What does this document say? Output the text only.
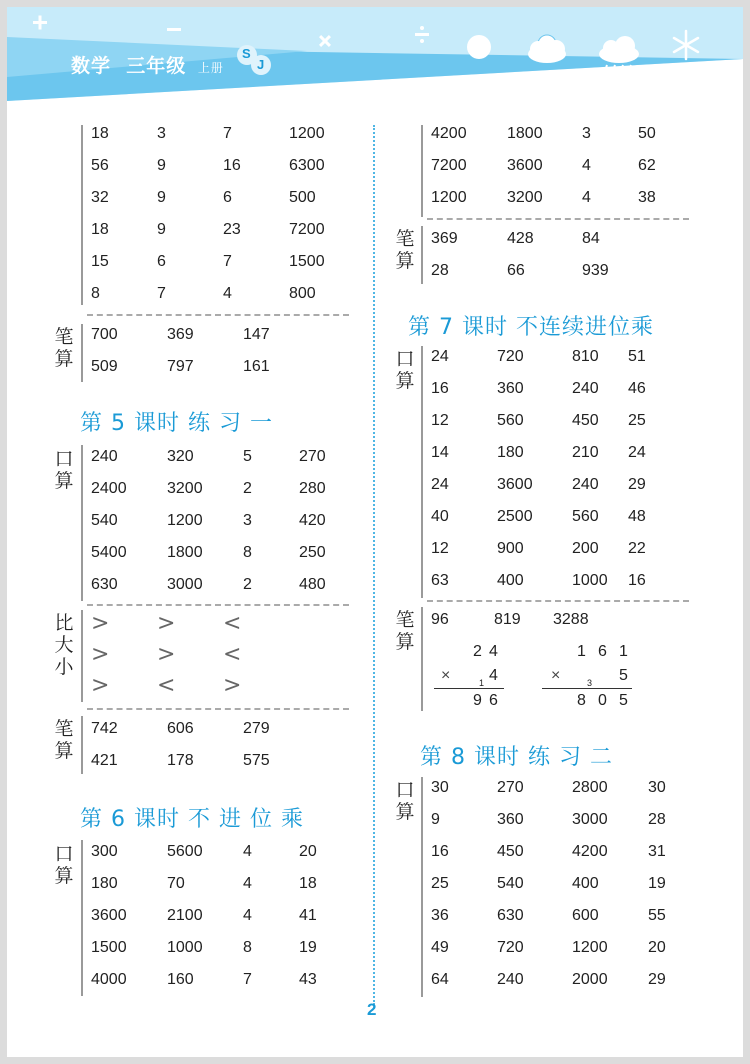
数学 三年级 上册
S
J
笔
算
第 5 课时 练 习 一
口
算
比
大
小
笔
算
第 6 课时 不 进 位 乘
口
算
18	3	7	1200
56	9	16	6300
32	9	6	500
18	9	23	7200
15	6	7	1500
8	7	4	800
700	369	147
509	797	161
240	320	5	270
2400	3200	2	280
540	1200	3	420
5400	1800	8	250
630	3000	2	480
742	606	279
421	178	575
300	5600	4	20
180	70	4	18
3600	2100	4	41
1500	1000	8	19
4000	160	7	43
> > <
> > <
> < >
笔
算
第 7 课时 不连续进位乘
口
算
笔
算	2 4
×	1 4
9 6
1 6 1
×	3 5
8 0 5
第 8 课时 练 习 二
口
算
4200	1800 3	50
7200	3600 4	62
1200	3200 4	38
369	428	84
28	66	939
24	720	810 51
16	360	240 46
12	560	450 25
14	180	210 24
24	3600 240 29
40	2500 560 48
12	900	200 22
63	400	1000 16
30	270	2800	30
9	360	3000	28
16	450	4200	31
25	540	400	19
36	630	600	55
49	720	1200	20
64	240	2000	29
96	819 3288
2
